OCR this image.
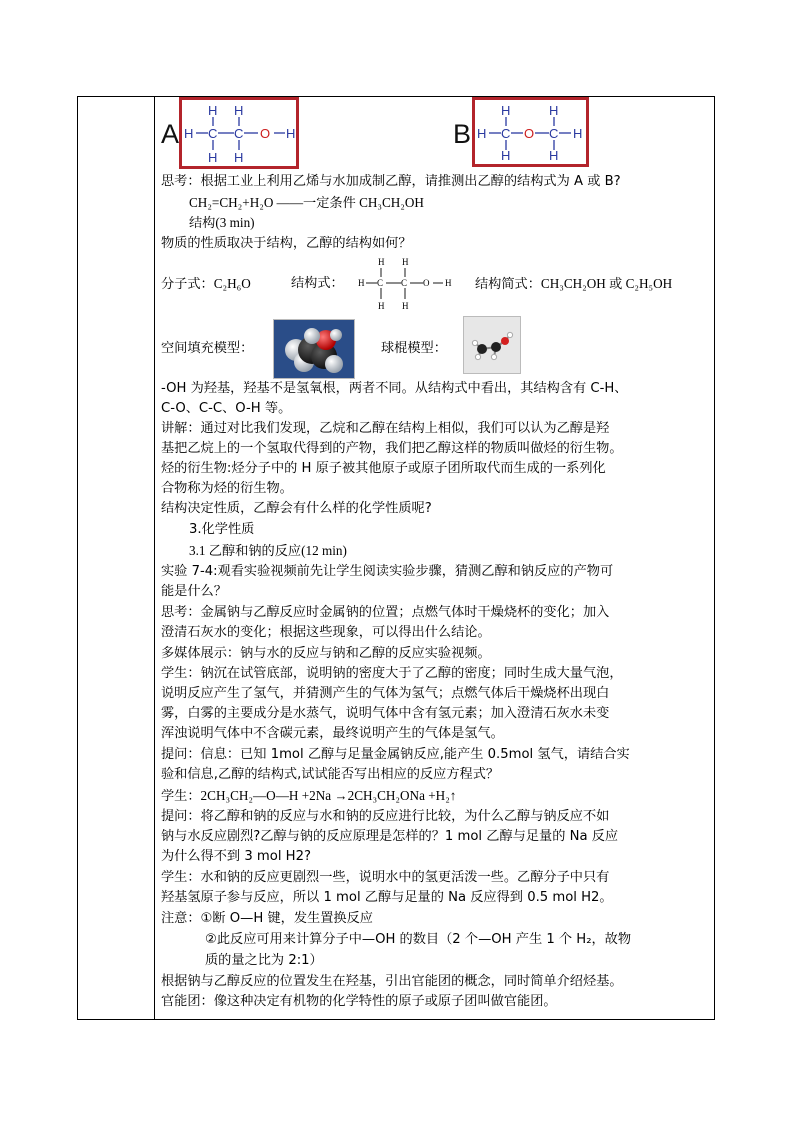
A H C C O H
H H
H H
B H C O C H
H	H
H	H
思考：根据工业上利用乙烯与水加成制乙醇，请推测出乙醇的结构式为 A 或 B?
CH₂=CH₂+H₂O ——一定条件 CH₃CH₂OH
结构(3 min)
物质的性质取决于结构，乙醇的结构如何？
分子式：C₂H₆O	结构式： H C C O H
H H
H H
结构简式：CH₃CH₂OH 或 C₂H₅OH
空间填充模型：	球棍模型：
-OH 为羟基，羟基不是氢氧根，两者不同。从结构式中看出，其结构含有 C-H、
C-O、C-C、O-H 等。
讲解：通过对比我们发现，乙烷和乙醇在结构上相似，我们可以认为乙醇是羟
基把乙烷上的一个氢取代得到的产物，我们把乙醇这样的物质叫做烃的衍生物。
烃的衍生物:烃分子中的 H 原子被其他原子或原子团所取代而生成的一系列化
合物称为烃的衍生物。
结构决定性质，乙醇会有什么样的化学性质呢?
3.化学性质
3.1 乙醇和钠的反应(12 min)
实验 7-4:观看实验视频前先让学生阅读实验步骤，猜测乙醇和钠反应的产物可
能是什么？
思考：金属钠与乙醇反应时金属钠的位置；点燃气体时干燥烧杯的变化；加入
澄清石灰水的变化；根据这些现象，可以得出什么结论。
多媒体展示：钠与水的反应与钠和乙醇的反应实验视频。
学生：钠沉在试管底部，说明钠的密度大于了乙醇的密度；同时生成大量气泡，
说明反应产生了氢气，并猜测产生的气体为氢气；点燃气体后干燥烧杯出现白
雾，白雾的主要成分是水蒸气，说明气体中含有氢元素；加入澄清石灰水未变
浑浊说明气体中不含碳元素，最终说明产生的气体是氢气。
提问：信息：已知 1mol 乙醇与足量金属钠反应,能产生 0.5mol 氢气，请结合实
验和信息,乙醇的结构式,试试能否写出相应的反应方程式？
学生：2CH₃CH₂—O—H +2Na →2CH₃CH₂ONa +H₂↑
提问：将乙醇和钠的反应与水和钠的反应进行比较，为什么乙醇与钠反应不如
钠与水反应剧烈?乙醇与钠的反应原理是怎样的？1 mol 乙醇与足量的 Na 反应
为什么得不到 3 mol H2?
学生：水和钠的反应更剧烈一些，说明水中的氢更活泼一些。乙醇分子中只有
羟基氢原子参与反应，所以 1 mol 乙醇与足量的 Na 反应得到 0.5 mol H2。
注意：①断 O—H 键，发生置换反应
②此反应可用来计算分子中—OH 的数目（2 个—OH 产生 1 个 H₂，故物
质的量之比为 2:1）
根据钠与乙醇反应的位置发生在羟基，引出官能团的概念，同时简单介绍烃基。
官能团：像这种决定有机物的化学特性的原子或原子团叫做官能团。
